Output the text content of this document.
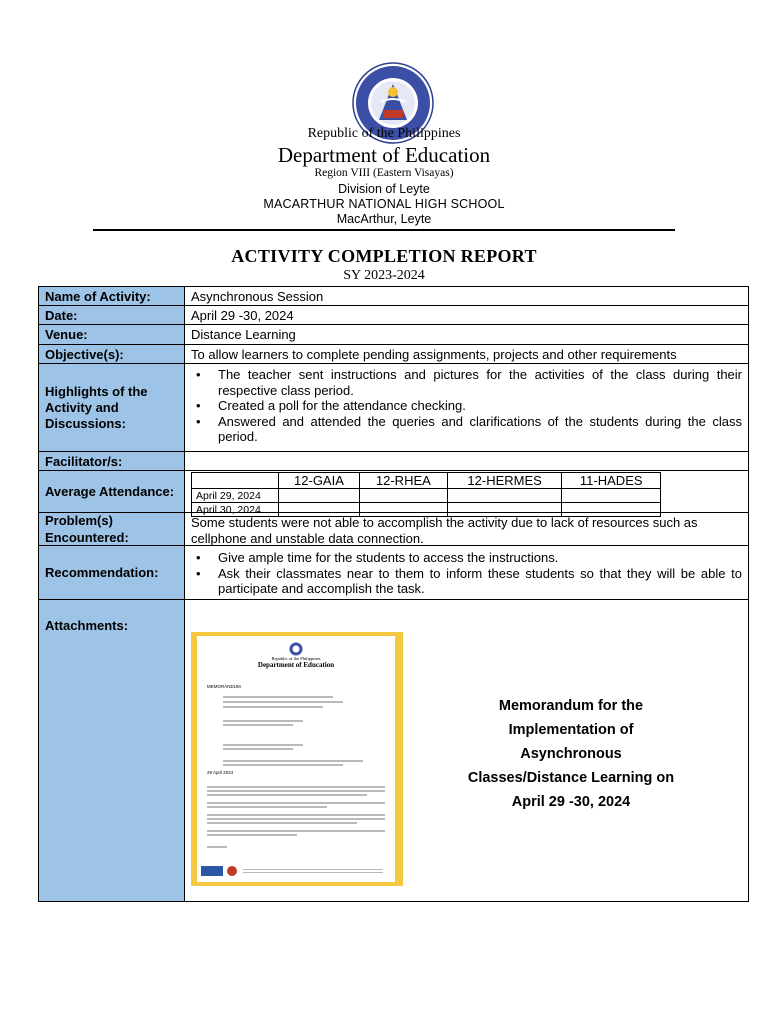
Republic of the Philippines
Department of Education
Region VIII (Eastern Visayas)
Division of Leyte
MACARTHUR NATIONAL HIGH SCHOOL
MacArthur, Leyte
ACTIVITY COMPLETION REPORT
SY 2023-2024
Name of Activity:	Asynchronous Session
Date:	April 29 -30, 2024
Venue:	Distance Learning
Objective(s):	To allow learners to complete pending assignments, projects and other requirements
Highlights of the Activity and Discussions:
• The teacher sent instructions and pictures for the activities of the class during their respective class period.
• Created a poll for the attendance checking.
• Answered and attended the queries and clarifications of the students during the class period.
Facilitator/s:
Average Attendance:
	12-GAIA	12-RHEA	12-HERMES	11-HADES
April 29, 2024				
April 30, 2024				
Problem(s) Encountered:
Some students were not able to accomplish the activity due to lack of resources such as cellphone and unstable data connection.
Recommendation:
• Give ample time for the students to access the instructions.
• Ask their classmates near to them to inform these students so that they will be able to participate and accomplish the task.
Attachments:
Republic of the Philippines
Department of Education
MEMORANDUM
29 April 2024
Memorandum for the
Implementation of
Asynchronous
Classes/Distance Learning on
April 29 -30, 2024
